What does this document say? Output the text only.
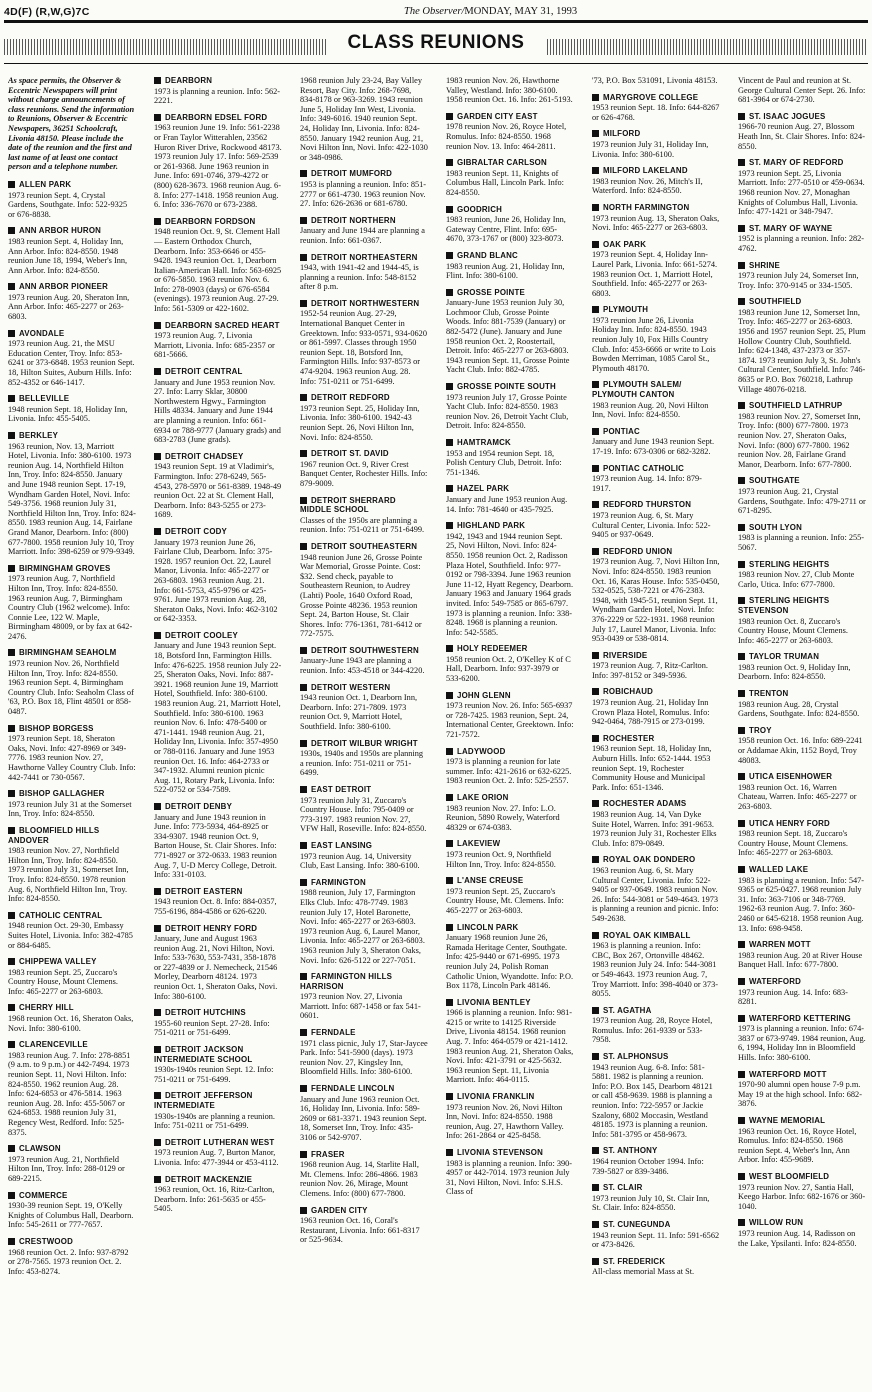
4D(F) (R,W,G)7C	The Observer/MONDAY, MAY 31, 1993
CLASS REUNIONS

As space permits, the Observer & Eccentric Newspapers will print without charge announcements of class reunions. Send the information to Reunions, Observer & Eccentric Newspapers, 36251 Schoolcraft, Livonia 48150. Please include the date of the reunion and the first and last name of at least one contact person and a telephone number.

ALLEN PARK

1973 reunion Sept. 4, Crystal Gardens, Southgate. Info: 522-9325 or 676-8838.

ANN ARBOR HURON

1983 reunion Sept. 4, Holiday Inn, Ann Arbor. Info: 824-8550. 1948 reunion June 18, 1994, Weber's Inn, Ann Arbor. Info: 824-8550.

ANN ARBOR PIONEER

1973 reunion Aug. 20, Sheraton Inn, Ann Arbor. Info: 465-2277 or 263-6803.

AVONDALE

1973 reunion Aug. 21, the MSU Education Center, Troy. Info: 853-6241 or 373-6848. 1953 reunion Sept. 18, Hilton Suites, Auburn Hills. Info: 852-4352 or 646-1417.

BELLEVILLE

1948 reunion Sept. 18, Holiday Inn, Livonia. Info: 455-5405.

BERKLEY

1963 reunion, Nov. 13, Marriott Hotel, Livonia. Info: 380-6100. 1973 reunion Aug. 14, Northfield Hilton Inn, Troy. Info: 824-8550. January and June 1948 reunion Sept. 17-19, Wyndham Garden Hotel, Novi. Info: 549-3756. 1968 reunion July 31, Northfield Hilton Inn, Troy. Info: 824-8550. 1983 reunion Aug. 14, Fairlane Grand Manor, Dearborn. Info: (800) 677-7800. 1958 reunion July 10, Troy Marriott. Info: 398-6259 or 979-9349.

BIRMINGHAM GROVES

1973 reunion Aug. 7, Northfield Hilton Inn, Troy. Info: 824-8550. 1963 reunion Aug. 7, Birmingham Country Club (1962 welcome). Info: Connie Lee, 122 W. Maple, Birmingham 48009, or by fax at 642-2476.

BIRMINGHAM SEAHOLM

1973 reunion Nov. 26, Northfield Hilton Inn, Troy. Info: 824-8550. 1963 reunion Sept. 4, Birmingham Country Club. Info: Seaholm Class of '63, P.O. Box 18, Flint 48501 or 858-0487.

BISHOP BORGESS

1973 reunion Sept. 18, Sheraton Oaks, Novi. Info: 427-8969 or 349-7776. 1983 reunion Nov. 27, Hawthorne Valley Country Club. Info: 442-7441 or 730-0567.

BISHOP GALLAGHER

1973 reunion July 31 at the Somerset Inn, Troy. Info: 824-8550.

BLOOMFIELD HILLS ANDOVER

1983 reunion Nov. 27, Northfield Hilton Inn, Troy. Info: 824-8550. 1973 reunion July 31, Somerset Inn, Troy. Info: 824-8550. 1978 reunion Aug. 6, Northfield Hilton Inn, Troy. Info: 824-8550.

CATHOLIC CENTRAL

1948 reunion Oct. 29-30, Embassy Suites Hotel, Livonia. Info: 382-4785 or 884-6485.

CHIPPEWA VALLEY

1983 reunion Sept. 25, Zuccaro's Country House, Mount Clemens. Info: 465-2277 or 263-6803.

CHERRY HILL

1968 reunion Oct. 16, Sheraton Oaks, Novi. Info: 380-6100.

CLARENCEVILLE

1983 reunion Aug. 7. Info: 278-8851 (9 a.m. to 9 p.m.) or 442-7494. 1973 reunion Sept. 11, Novi Hilton. Info: 824-8550. 1962 reunion Aug. 28. Info: 624-6853 or 476-5814. 1963 reunion Aug. 28. Info: 455-5067 or 624-6853. 1988 reunion July 31, Regency West, Redford. Info: 525-8375.

CLAWSON

1973 reunion Aug. 21, Northfield Hilton Inn, Troy. Info: 288-0129 or 689-2215.

COMMERCE

1930-39 reunion Sept. 19, O'Kelly Knights of Columbus Hall, Dearborn. Info: 545-2611 or 777-7657.

CRESTWOOD

1968 reunion Oct. 2. Info: 937-8792 or 278-7565. 1973 reunion Oct. 2. Info: 453-8274.

DEARBORN

1973 is planning a reunion. Info: 562-2221.

DEARBORN EDSEL FORD

1963 reunion June 19. Info: 561-2238 or Fran Taylor Witterahlen, 23562 Huron River Drive, Rockwood 48173. 1973 reunion July 17. Info: 569-2539 or 261-9368. June 1963 reunion in June. Info: 691-0746, 379-4272 or (800) 628-3673. 1968 reunion Aug. 6-8. Info: 277-1418. 1958 reunion Aug. 6. Info: 336-7670 or 673-2388.

DEARBORN FORDSON

1948 reunion Oct. 9, St. Clement Hall — Eastern Orthodox Church, Dearborn. Info: 353-6646 or 455-9428. 1943 reunion Oct. 1, Dearborn Italian-American Hall. Info: 563-6925 or 676-5850. 1963 reunion Nov. 6. Info: 278-0903 (days) or 676-6584 (evenings). 1973 reunion Aug. 27-29. Info: 561-5309 or 422-1602.

DEARBORN SACRED HEART

1973 reunion Aug. 7, Livonia Marriott, Livonia. Info: 685-2357 or 681-5666.

DETROIT CENTRAL

January and June 1953 reunion Nov. 27. Info: Larry Sklar, 30800 Northwestern Hgwy., Farmington Hills 48334. January and June 1944 are planning a reunion. Info: 661-6934 or 788-9777 (January grads) and 683-2783 (June grads).

DETROIT CHADSEY

1943 reunion Sept. 19 at Vladimir's, Farmington. Info: 278-6249, 565-4543, 278-5970 or 561-8389. 1948-49 reunion Oct. 22 at St. Clement Hall, Dearborn. Info: 843-5255 or 273-1689.

DETROIT CODY

January 1973 reunion June 26, Fairlane Club, Dearborn. Info: 375-1928. 1957 reunion Oct. 22, Laurel Manor, Livonia. Info: 465-2277 or 263-6803. 1963 reunion Aug. 21. Info: 661-5753, 455-9796 or 425-9761. June 1973 reunion Aug. 28, Sheraton Oaks, Novi. Info: 462-3102 or 642-3353.

DETROIT COOLEY

January and June 1943 reunion Sept. 18, Botsford Inn, Farmington Hills. Info: 476-6225. 1958 reunion July 22-25, Sheraton Oaks, Novi. Info: 887-3921. 1968 reunion June 19, Marriott Hotel, Southfield. Info: 380-6100. 1983 reunion Aug. 21, Marriott Hotel, Southfield. Info: 380-6100. 1963 reunion Nov. 6. Info: 478-5400 or 471-1441. 1948 reunion Aug. 21, Holiday Inn, Livonia. Info: 357-4950 or 788-0116. January and June 1953 reunion Oct. 16. Info: 464-2733 or 347-1932. Alumni reunion picnic Aug. 11, Rotary Park, Livonia. Info: 522-0752 or 534-7589.

DETROIT DENBY

January and June 1943 reunion in June. Info: 773-5934, 464-8925 or 334-9307. 1948 reunion Oct. 9, Barton House, St. Clair Shores. Info: 771-8927 or 372-0633. 1983 reunion Aug. 7, U-D Mercy College, Detroit. Info: 331-0103.

DETROIT EASTERN

1943 reunion Oct. 8. Info: 884-0357, 755-6196, 884-4586 or 626-6220.

DETROIT HENRY FORD

January, June and August 1963 reunion Aug. 21, Novi Hilton, Novi. Info: 533-7630, 553-7431, 358-1878 or 227-4839 or J. Nemecheck, 21546 Morley, Dearborn 48124. 1973 reunion Oct. 1, Sheraton Oaks, Novi. Info: 380-6100.

DETROIT HUTCHINS

1955-60 reunion Sept. 27-28. Info: 751-0211 or 751-6499.

DETROIT JACKSON INTERMEDIATE SCHOOL

1930s-1940s reunion Sept. 12. Info: 751-0211 or 751-6499.

DETROIT JEFFERSON INTERMEDIATE

1930s-1940s are planning a reunion. Info: 751-0211 or 751-6499.

DETROIT LUTHERAN WEST

1973 reunion Aug. 7, Burton Manor, Livonia. Info: 477-3944 or 453-4112.

DETROIT MACKENZIE

1963 reunion, Oct. 16, Ritz-Carlton, Dearborn. Info: 261-5635 or 455-5405.

1968 reunion July 23-24, Bay Valley Resort, Bay City. Info: 268-7698, 834-8178 or 963-3269. 1943 reunion June 5, Holiday Inn West, Livonia. Info: 349-6016. 1940 reunion Sept. 24, Holiday Inn, Livonia. Info: 824-8550. January 1942 reunion Aug. 21, Novi Hilton Inn, Novi. Info: 422-1030 or 348-0986.

DETROIT MUMFORD

1953 is planning a reunion. Info: 851-2777 or 661-4730. 1963 reunion Nov. 27. Info: 626-2636 or 681-6780.

DETROIT NORTHERN

January and June 1944 are planning a reunion. Info: 661-0367.

DETROIT NORTHEASTERN

1943, with 1941-42 and 1944-45, is planning a reunion. Info: 548-8152 after 8 p.m.

DETROIT NORTHWESTERN

1952-54 reunion Aug. 27-29, International Banquet Center in Greektown. Info: 933-0571, 934-0620 or 861-5997. Classes through 1950 reunion Sept. 18, Botsford Inn, Farmington Hills. Info: 937-8573 or 474-9204. 1963 reunion Aug. 28. Info: 751-0211 or 751-6499.

DETROIT REDFORD

1973 reunion Sept. 25, Holiday Inn, Livonia. Info: 380-6100. 1942-43 reunion Sept. 26, Novi Hilton Inn, Novi. Info: 824-8550.

DETROIT ST. DAVID

1967 reunion Oct. 9, River Crest Banquet Center, Rochester Hills. Info: 879-9009.

DETROIT SHERRARD MIDDLE SCHOOL

Classes of the 1950s are planning a reunion. Info: 751-0211 or 751-6499.

DETROIT SOUTHEASTERN

1948 reunion June 26, Grosse Pointe War Memorial, Grosse Pointe. Cost: $32. Send check, payable to Southeastern Reunion, to Audrey (Lahti) Poole, 1640 Oxford Road, Grosse Pointe 48236. 1953 reunion Sept. 24, Barton House, St. Clair Shores. Info: 776-1361, 781-6412 or 772-7575.

DETROIT SOUTHWESTERN

January-June 1943 are planning a reunion. Info: 453-4518 or 344-4220.

DETROIT WESTERN

1943 reunion Oct. 1, Dearborn Inn, Dearborn. Info: 271-7809. 1973 reunion Oct. 9, Marriott Hotel, Southfield. Info: 380-6100.

DETROIT WILBUR WRIGHT

1930s, 1940s and 1950s are planning a reunion. Info: 751-0211 or 751-6499.

EAST DETROIT

1973 reunion July 31, Zuccaro's Country House. Info: 795-0409 or 773-3197. 1983 reunion Nov. 27, VFW Hall, Roseville. Info: 824-8550.

EAST LANSING

1973 reunion Aug. 14, University Club, East Lansing. Info: 380-6100.

FARMINGTON

1988 reunion, July 17, Farmington Elks Club. Info: 478-7749. 1983 reunion July 17, Hotel Baronette, Novi. Info: 465-2277 or 263-6803. 1973 reunion Aug. 6, Laurel Manor, Livonia. Info: 465-2277 or 263-6803. 1963 reunion July 3, Sheraton Oaks, Novi. Info: 626-5122 or 227-7051.

FARMINGTON HILLS HARRISON

1973 reunion Nov. 27, Livonia Marriott. Info: 687-1458 or fax 541-0601.

FERNDALE

1971 class picnic, July 17, Star-Jaycee Park. Info: 541-5900 (days). 1973 reunion Nov. 27, Kingsley Inn, Bloomfield Hills. Info: 380-6100.

FERNDALE LINCOLN

January and June 1963 reunion Oct. 16, Holiday Inn, Livonia. Info: 589-2609 or 681-3371. 1943 reunion Sept. 18, Somerset Inn, Troy. Info: 435-3106 or 542-9707.

FRASER

1968 reunion Aug. 14, Starlite Hall, Mt. Clemens. Info: 286-4866. 1983 reunion Nov. 26, Mirage, Mount Clemens. Info: (800) 677-7800.

GARDEN CITY

1963 reunion Oct. 16, Coral's Restaurant, Livonia. Info: 661-8317 or 525-9634.

1983 reunion Nov. 26, Hawthorne Valley, Westland. Info: 380-6100. 1958 reunion Oct. 16. Info: 261-5193.

GARDEN CITY EAST

1978 reunion Nov. 26, Royce Hotel, Romulus. Info: 824-8550. 1968 reunion Nov. 13. Info: 464-2811.

GIBRALTAR CARLSON

1983 reunion Sept. 11, Knights of Columbus Hall, Lincoln Park. Info: 824-8550.

GOODRICH

1983 reunion, June 26, Holiday Inn, Gateway Centre, Flint. Info: 695-4670, 373-1767 or (800) 323-8073.

GRAND BLANC

1983 reunion Aug. 21, Holiday Inn, Flint. Info: 380-6100.

GROSSE POINTE

January-June 1953 reunion July 30, Lochmoor Club, Grosse Pointe Woods. Info: 881-7539 (January) or 882-5472 (June). January and June 1958 reunion Oct. 2, Roostertail, Detroit. Info: 465-2277 or 263-6803. 1943 reunion Sept. 11, Grosse Pointe Yacht Club. Info: 882-4785.

GROSSE POINTE SOUTH

1973 reunion July 17, Grosse Pointe Yacht Club. Info: 824-8550. 1983 reunion Nov. 26, Detroit Yacht Club, Detroit. Info: 824-8550.

HAMTRAMCK

1953 and 1954 reunion Sept. 18, Polish Century Club, Detroit. Info: 751-1346.

HAZEL PARK

January and June 1953 reunion Aug. 14. Info: 781-4640 or 435-7925.

HIGHLAND PARK

1942, 1943 and 1944 reunion Sept. 25, Novi Hilton, Novi. Info: 824-8550. 1958 reunion Oct. 2, Radisson Plaza Hotel, Southfield. Info: 977-0192 or 798-3394. June 1963 reunion June 11-12, Hyatt Regency, Dearborn. January 1963 and January 1964 grads invited. Info: 549-7585 or 865-6797. 1973 is planning a reunion. Info: 338-8248. 1968 is planning a reunion. Info: 542-5585.

HOLY REDEEMER

1958 reunion Oct. 2, O'Kelley K of C Hall, Dearborn. Info: 937-3979 or 533-6200.

JOHN GLENN

1973 reunion Nov. 26. Info: 565-6937 or 728-7425. 1983 reunion, Sept. 24, International Center, Greektown. Info: 721-7572.

LADYWOOD

1973 is planning a reunion for late summer. Info: 421-2616 or 632-6225. 1983 reunion Oct. 2. Info: 525-2557.

LAKE ORION

1983 reunion Nov. 27. Info: L.O. Reunion, 5890 Rowely, Waterford 48329 or 674-0383.

LAKEVIEW

1973 reunion Oct. 9, Northfield Hilton Inn, Troy. Info: 824-8550.

L'ANSE CREUSE

1973 reunion Sept. 25, Zuccaro's Country House, Mt. Clemens. Info: 465-2277 or 263-6803.

LINCOLN PARK

January 1968 reunion June 26, Ramada Heritage Center, Southgate. Info: 425-9440 or 671-6995. 1973 reunion July 24, Polish Roman Catholic Union, Wyandotte. Info: P.O. Box 1178, Lincoln Park 48146.

LIVONIA BENTLEY

1966 is planning a reunion. Info: 981-4215 or write to 14125 Riverside Drive, Livonia 48154. 1968 reunion Aug. 7. Info: 464-0579 or 421-1412. 1983 reunion Aug. 21, Sheraton Oaks, Novi. Info: 421-3791 or 425-5632. 1963 reunion Sept. 11, Livonia Marriott. Info: 464-0115.

LIVONIA FRANKLIN

1973 reunion Nov. 26, Novi Hilton Inn, Novi. Info: 824-8550. 1988 reunion, Aug. 27, Hawthorn Valley. Info: 261-2864 or 425-8458.

LIVONIA STEVENSON

1983 is planning a reunion. Info: 390-4957 or 442-7014. 1973 reunion July 31, Novi Hilton, Novi. Info: S.H.S. Class of

'73, P.O. Box 531091, Livonia 48153.

MARYGROVE COLLEGE

1953 reunion Sept. 18. Info: 644-8267 or 626-4768.

MILFORD

1973 reunion July 31, Holiday Inn, Livonia. Info: 380-6100.

MILFORD LAKELAND

1983 reunion Nov. 26, Mitch's II, Waterford. Info: 824-8550.

NORTH FARMINGTON

1973 reunion Aug. 13, Sheraton Oaks, Novi. Info: 465-2277 or 263-6803.

OAK PARK

1973 reunion Sept. 4, Holiday Inn-Laurel Park, Livonia. Info: 661-5274. 1983 reunion Oct. 1, Marriott Hotel, Southfield. Info: 465-2277 or 263-6803.

PLYMOUTH

1973 reunion June 26, Livonia Holiday Inn. Info: 824-8550. 1943 reunion July 10, Fox Hills Country Club. Info: 453-6666 or write to Lois Bowden Merriman, 1085 Carol St., Plymouth 48170.

PLYMOUTH SALEM/ PLYMOUTH CANTON

1983 reunion Aug. 20, Novi Hilton Inn, Novi. Info: 824-8550.

PONTIAC

January and June 1943 reunion Sept. 17-19. Info: 673-0306 or 682-3282.

PONTIAC CATHOLIC

1973 reunion Aug. 14. Info: 879-1917.

REDFORD THURSTON

1973 reunion Aug. 6, St. Mary Cultural Center, Livonia. Info: 522-9405 or 937-0649.

REDFORD UNION

1973 reunion Aug. 7, Novi Hilton Inn, Novi. Info: 824-8550. 1983 reunion Oct. 16, Karas House. Info: 535-0450, 532-0525, 538-7221 or 476-2383. 1948, with 1945-51, reunion Sept. 11, Wyndham Garden Hotel, Novi. Info: 376-2229 or 522-1931. 1968 reunion July 17, Laurel Manor, Livonia. Info: 953-0439 or 538-0814.

RIVERSIDE

1973 reunion Aug. 7, Ritz-Carlton. Info: 397-8152 or 349-5936.

ROBICHAUD

1973 reunion Aug. 21, Holiday Inn Crown Plaza Hotel, Romulus. Info: 942-0464, 788-7915 or 273-0199.

ROCHESTER

1963 reunion Sept. 18, Holiday Inn, Auburn Hills. Info: 652-1444. 1953 reunion Sept. 19, Rochester Community House and Municipal Park. Info: 651-1346.

ROCHESTER ADAMS

1983 reunion Aug. 14, Van Dyke Suite Hotel, Warren. Info: 391-9653. 1973 reunion July 31, Rochester Elks Club. Info: 879-0849.

ROYAL OAK DONDERO

1963 reunion Aug. 6, St. Mary Cultural Center, Livonia. Info: 522-9405 or 937-0649. 1983 reunion Nov. 26. Info: 544-3081 or 549-4643. 1973 is planning a reunion and picnic. Info: 549-2638.

ROYAL OAK KIMBALL

1963 is planning a reunion. Info: CBC, Box 267, Ortonville 48462. 1983 reunion July 24. Info: 544-3081 or 549-4643. 1973 reunion Aug. 7, Troy Marriott. Info: 398-4040 or 373-8055.

ST. AGATHA

1973 reunion Aug. 28, Royce Hotel, Romulus. Info: 261-9339 or 533-7958.

ST. ALPHONSUS

1943 reunion Aug. 6-8. Info: 581-5881. 1982 is planning a reunion. Info: P.O. Box 145, Dearborn 48121 or call 458-9639. 1988 is planning a reunion. Info: 722-5957 or Jackie Szalony, 6802 Moccasin, Westland 48185. 1973 is planning a reunion. Info: 581-3795 or 458-9673.

ST. ANTHONY

1964 reunion October 1994. Info: 739-5827 or 839-3486.

ST. CLAIR

1973 reunion July 10, St. Clair Inn, St. Clair. Info: 824-8550.

ST. CUNEGUNDA

1943 reunion Sept. 11. Info: 591-6562 or 473-8426.

ST. FREDERICK

All-class memorial Mass at St.

Vincent de Paul and reunion at St. George Cultural Center Sept. 26. Info: 681-3964 or 674-2730.

ST. ISAAC JOGUES

1966-70 reunion Aug. 27, Blossom Heath Inn, St. Clair Shores. Info: 824-8550.

ST. MARY OF REDFORD

1973 reunion Sept. 25, Livonia Marriott. Info: 277-0510 or 459-0634. 1968 reunion Nov. 27, Monaghan Knights of Columbus Hall, Livonia. Info: 477-1421 or 348-7947.

ST. MARY OF WAYNE

1952 is planning a reunion. Info: 282-4762.

SHRINE

1973 reunion July 24, Somerset Inn, Troy. Info: 370-9145 or 334-1505.

SOUTHFIELD

1983 reunion June 12, Somerset Inn, Troy. Info: 465-2277 or 263-6803. 1956 and 1957 reunion Sept. 25, Plum Hollow Country Club, Southfield. Info: 624-1348, 437-2373 or 357-1874. 1973 reunion July 3, St. John's Cultural Center, Southfield. Info: 746-8635 or P.O. Box 760218, Lathrup Village 48076-0218.

SOUTHFIELD LATHRUP

1983 reunion Nov. 27, Somerset Inn, Troy. Info: (800) 677-7800. 1973 reunion Nov. 27, Sheraton Oaks, Novi. Info: (800) 677-7800. 1962 reunion Nov. 28, Fairlane Grand Manor, Dearborn. Info: 677-7800.

SOUTHGATE

1973 reunion Aug. 21, Crystal Gardens, Southgate. Info: 479-2711 or 671-8295.

SOUTH LYON

1983 is planning a reunion. Info: 255-5067.

STERLING HEIGHTS

1983 reunion Nov. 27, Club Monte Carlo, Utica. Info: 677-7800.

STERLING HEIGHTS STEVENSON

1983 reunion Oct. 8, Zuccaro's Country House, Mount Clemens. Info: 465-2277 or 263-6803.

TAYLOR TRUMAN

1983 reunion Oct. 9, Holiday Inn, Dearborn. Info: 824-8550.

TRENTON

1983 reunion Aug. 28, Crystal Gardens, Southgate. Info: 824-8550.

TROY

1958 reunion Oct. 16. Info: 689-2241 or Addamae Akin, 1152 Boyd, Troy 48083.

UTICA EISENHOWER

1983 reunion Oct. 16, Warren Chateau, Warren. Info: 465-2277 or 263-6803.

UTICA HENRY FORD

1983 reunion Sept. 18, Zuccaro's Country House, Mount Clemens. Info: 465-2277 or 263-6803.

WALLED LAKE

1983 is planning a reunion. Info: 547-9365 or 625-0427. 1968 reunion July 31. Info: 363-7106 or 348-7769. 1962-63 reunion Aug. 7. Info: 360-2460 or 645-6218. 1958 reunion Aug. 13. Info: 698-9458.

WARREN MOTT

1983 reunion Aug. 20 at River House Banquet Hall. Info: 677-7800.

WATERFORD

1973 reunion Aug. 14. Info: 683-8281.

WATERFORD KETTERING

1973 is planning a reunion. Info: 674-3837 or 673-9749. 1984 reunion, Aug. 6, 1994, Holiday Inn in Bloomfield Hills. Info: 380-6100.

WATERFORD MOTT

1970-90 alumni open house 7-9 p.m. May 19 at the high school. Info: 682-3876.

WAYNE MEMORIAL

1963 reunion Oct. 16, Royce Hotel, Romulus. Info: 824-8550. 1968 reunion Sept. 4, Weber's Inn, Ann Arbor. Info: 455-9689.

WEST BLOOMFIELD

1973 reunion Nov. 27, Santia Hall, Keego Harbor. Info: 682-1676 or 360-1040.

WILLOW RUN

1973 reunion Aug. 14, Radisson on the Lake, Ypsilanti. Info: 824-8550.
